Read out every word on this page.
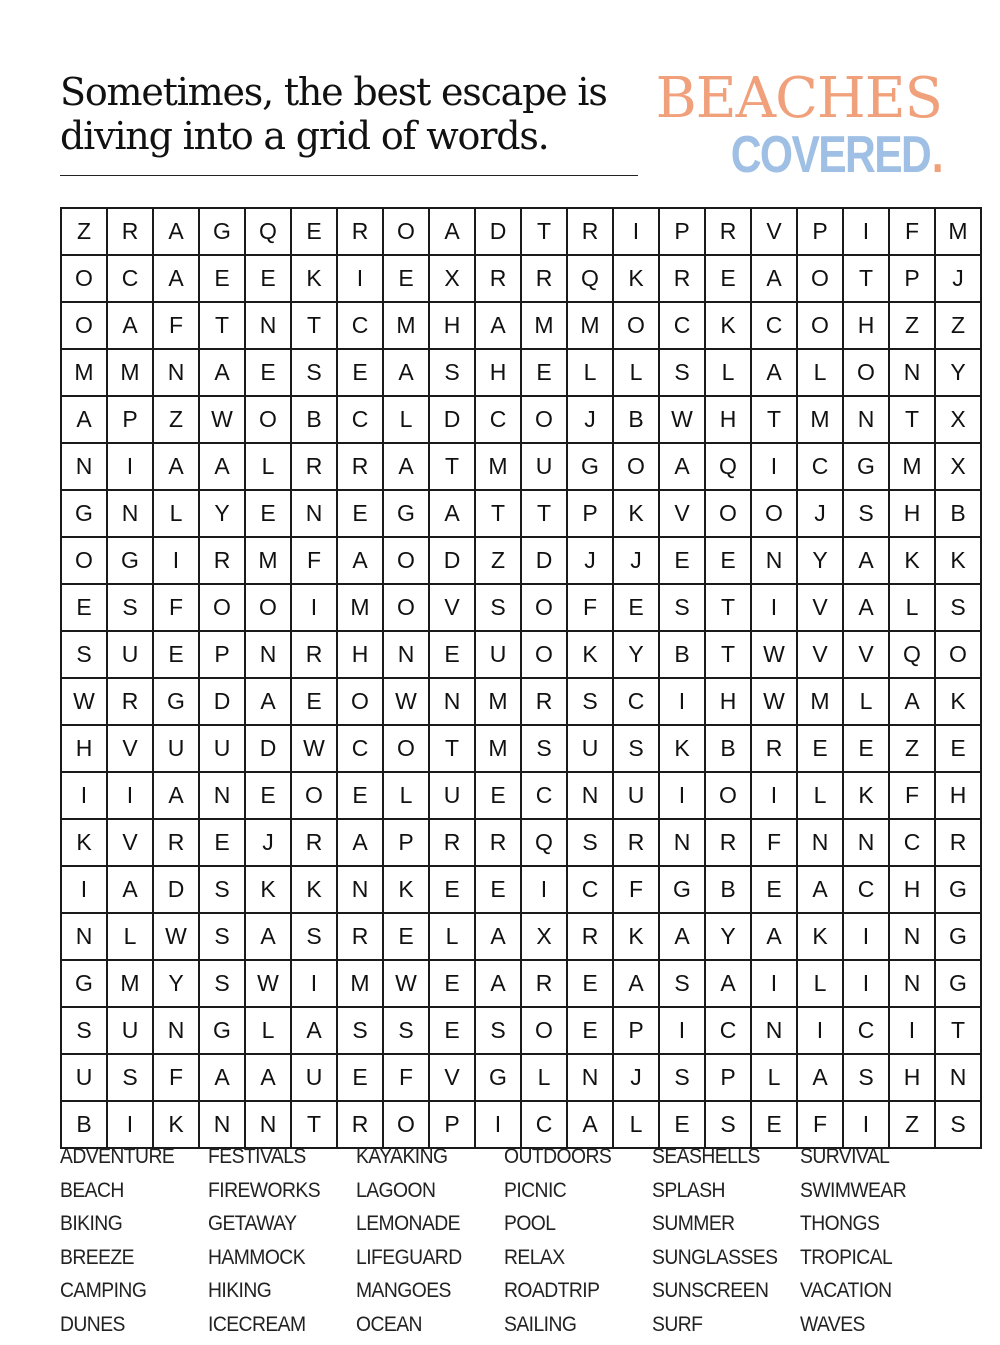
Sometimes, the best escape is
diving into a grid of words.
BEACHES
COVERED.
Z	R	A	G	Q	E	R	O	A	D	T	R	I	P	R	V	P	I	F	M
O	C	A	E	E	K	I	E	X	R	R	Q	K	R	E	A	O	T	P	J
O	A	F	T	N	T	C	M	H	A	M	M	O	C	K	C	O	H	Z	Z
M	M	N	A	E	S	E	A	S	H	E	L	L	S	L	A	L	O	N	Y
A	P	Z	W	O	B	C	L	D	C	O	J	B	W	H	T	M	N	T	X
N	I	A	A	L	R	R	A	T	M	U	G	O	A	Q	I	C	G	M	X
G	N	L	Y	E	N	E	G	A	T	T	P	K	V	O	O	J	S	H	B
O	G	I	R	M	F	A	O	D	Z	D	J	J	E	E	N	Y	A	K	K
E	S	F	O	O	I	M	O	V	S	O	F	E	S	T	I	V	A	L	S
S	U	E	P	N	R	H	N	E	U	O	K	Y	B	T	W	V	V	Q	O
W	R	G	D	A	E	O	W	N	M	R	S	C	I	H	W	M	L	A	K
H	V	U	U	D	W	C	O	T	M	S	U	S	K	B	R	E	E	Z	E
I	I	A	N	E	O	E	L	U	E	C	N	U	I	O	I	L	K	F	H
K	V	R	E	J	R	A	P	R	R	Q	S	R	N	R	F	N	N	C	R
I	A	D	S	K	K	N	K	E	E	I	C	F	G	B	E	A	C	H	G
N	L	W	S	A	S	R	E	L	A	X	R	K	A	Y	A	K	I	N	G
G	M	Y	S	W	I	M	W	E	A	R	E	A	S	A	I	L	I	N	G
S	U	N	G	L	A	S	S	E	S	O	E	P	I	C	N	I	C	I	T
U	S	F	A	A	U	E	F	V	G	L	N	J	S	P	L	A	S	H	N
B	I	K	N	N	T	R	O	P	I	C	A	L	E	S	E	F	I	Z	S
ADVENTURE
BEACH
BIKING
BREEZE
CAMPING
DUNES
FESTIVALS
FIREWORKS
GETAWAY
HAMMOCK
HIKING
ICECREAM
KAYAKING
LAGOON
LEMONADE
LIFEGUARD
MANGOES
OCEAN
OUTDOORS
PICNIC
POOL
RELAX
ROADTRIP
SAILING
SEASHELLS
SPLASH
SUMMER
SUNGLASSES
SUNSCREEN
SURF
SURVIVAL
SWIMWEAR
THONGS
TROPICAL
VACATION
WAVES
